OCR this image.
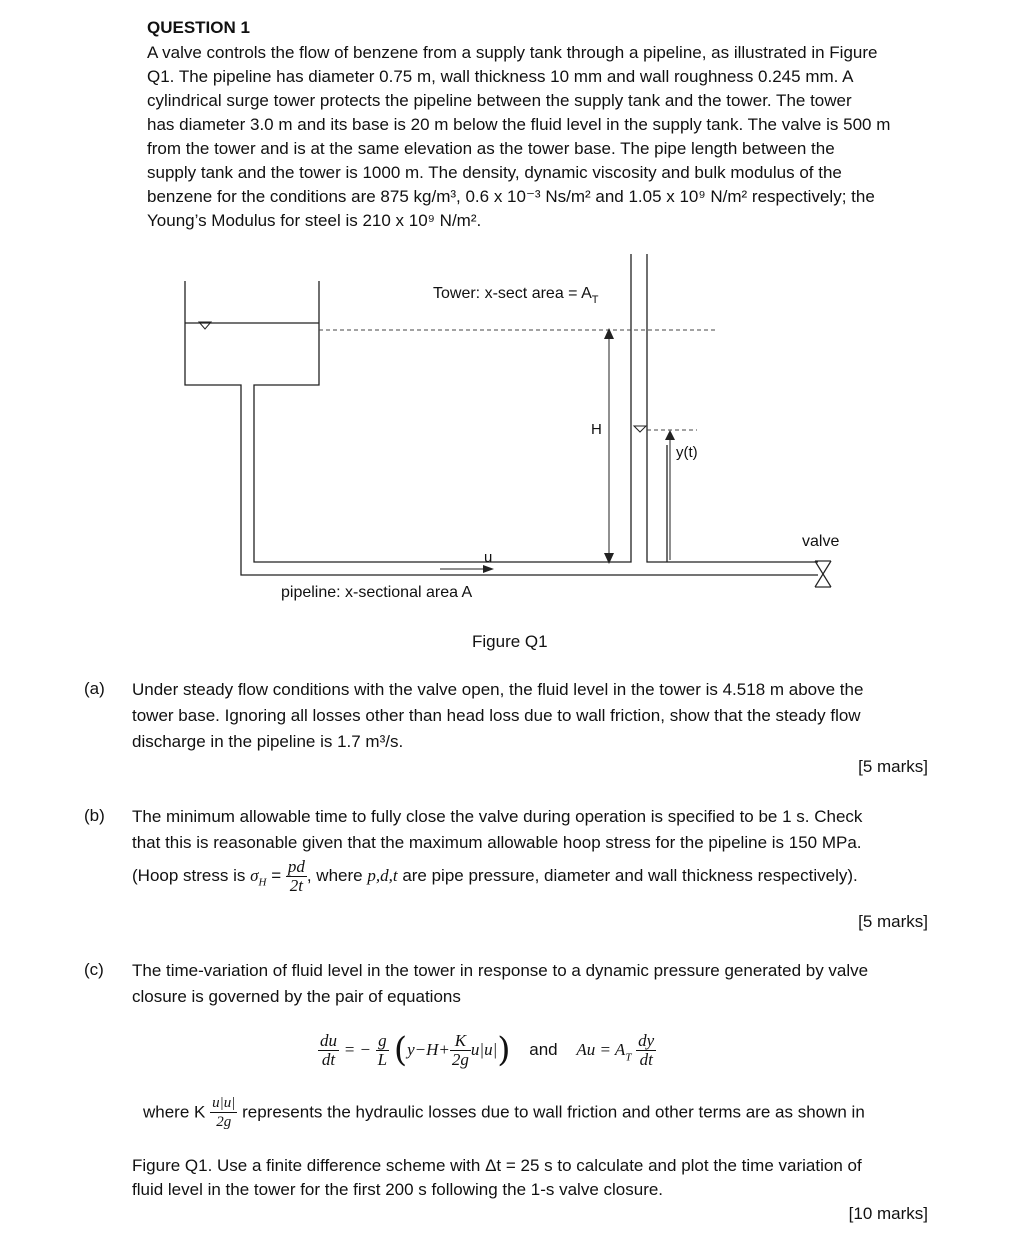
QUESTION 1

A valve controls the flow of benzene from a supply tank through a pipeline, as illustrated in Figure

Q1. The pipeline has diameter 0.75 m, wall thickness 10 mm and wall roughness 0.245 mm. A

cylindrical surge tower protects the pipeline between the supply tank and the tower. The tower

has diameter 3.0 m and its base is 20 m below the fluid level in the supply tank. The valve is 500 m

from the tower and is at the same elevation as the tower base. The pipe length between the

supply tank and the tower is 1000 m. The density, dynamic viscosity and bulk modulus of the

benzene for the conditions are 875 kg/m³, 0.6 x 10⁻³ Ns/m² and 1.05 x 10⁹ N/m² respectively; the

Young’s Modulus for steel is 210 x 10⁹ N/m².

Tower: x-sect area = $A_T$
H
y(t)
valve
u
pipeline: x-sectional area A
Figure Q1
(a) Under steady flow conditions with the valve open, the fluid level in the tower is 4.518 m above the

tower base. Ignoring all losses other than head loss due to wall friction, show that the steady flow

discharge in the pipeline is 1.7 m³/s.

[5 marks]
(b) The minimum allowable time to fully close the valve during operation is specified to be 1 s. Check

that this is reasonable given that the maximum allowable hoop stress for the pipeline is 150 MPa.

(Hoop stress is $\sigma_H = \frac{pd}{2t}$ , where p,d,t are pipe pressure, diameter and wall thickness respectively).
[5 marks]
(c) The time-variation of fluid level in the tower in response to a dynamic pressure generated by valve

closure is governed by the pair of equations

$\frac{du}{dt}$ = − $\frac{g}{L} (y-H+ \frac{K}{2g} u|u|)$ and $Au = A_T \frac{dy}{dt}$
where K $\frac{u|u|}{2g}$ represents the hydraulic losses due to wall friction and other terms are as shown in

Figure Q1. Use a finite difference scheme with Δt = 25 s to calculate and plot the time variation of

fluid level in the tower for the first 200 s following the 1-s valve closure.

[10 marks]
